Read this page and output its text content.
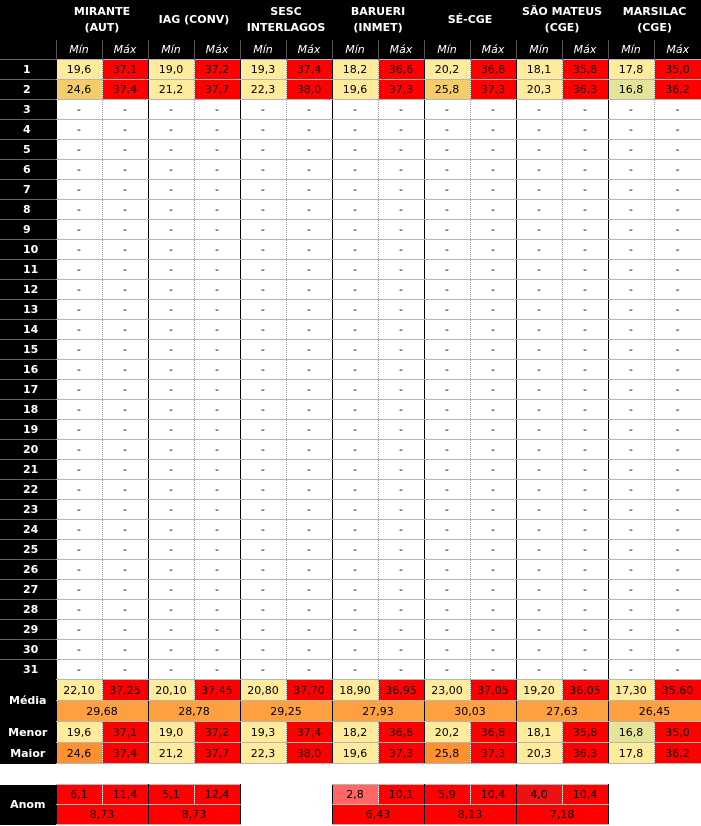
	MIRANTE (AUT)		IAG (CONV)		SESC INTERLAGOS		BARUERI (INMET)		SÉ-CGE		SÃO MATEUS (CGE)		MARSILAC (CGE)	
	Mín	Máx	Mín	Máx	Mín	Máx	Mín	Máx	Mín	Máx	Mín	Máx	Mín	Máx
1	19,6	37,1	19,0	37,2	19,3	37,4	18,2	36,6	20,2	36,8	18,1	35,8	17,8	35,0
2	24,6	37,4	21,2	37,7	22,3	38,0	19,6	37,3	25,8	37,3	20,3	36,3	16,8	36,2
3	-	-	-	-	-	-	-	-	-	-	-	-	-	-
4	-	-	-	-	-	-	-	-	-	-	-	-	-	-
5	-	-	-	-	-	-	-	-	-	-	-	-	-	-
6	-	-	-	-	-	-	-	-	-	-	-	-	-	-
7	-	-	-	-	-	-	-	-	-	-	-	-	-	-
8	-	-	-	-	-	-	-	-	-	-	-	-	-	-
9	-	-	-	-	-	-	-	-	-	-	-	-	-	-
10	-	-	-	-	-	-	-	-	-	-	-	-	-	-
11	-	-	-	-	-	-	-	-	-	-	-	-	-	-
12	-	-	-	-	-	-	-	-	-	-	-	-	-	-
13	-	-	-	-	-	-	-	-	-	-	-	-	-	-
14	-	-	-	-	-	-	-	-	-	-	-	-	-	-
15	-	-	-	-	-	-	-	-	-	-	-	-	-	-
16	-	-	-	-	-	-	-	-	-	-	-	-	-	-
17	-	-	-	-	-	-	-	-	-	-	-	-	-	-
18	-	-	-	-	-	-	-	-	-	-	-	-	-	-
19	-	-	-	-	-	-	-	-	-	-	-	-	-	-
20	-	-	-	-	-	-	-	-	-	-	-	-	-	-
21	-	-	-	-	-	-	-	-	-	-	-	-	-	-
22	-	-	-	-	-	-	-	-	-	-	-	-	-	-
23	-	-	-	-	-	-	-	-	-	-	-	-	-	-
24	-	-	-	-	-	-	-	-	-	-	-	-	-	-
25	-	-	-	-	-	-	-	-	-	-	-	-	-	-
26	-	-	-	-	-	-	-	-	-	-	-	-	-	-
27	-	-	-	-	-	-	-	-	-	-	-	-	-	-
28	-	-	-	-	-	-	-	-	-	-	-	-	-	-
29	-	-	-	-	-	-	-	-	-	-	-	-	-	-
30	-	-	-	-	-	-	-	-	-	-	-	-	-	-
31	-	-	-	-	-	-	-	-	-	-	-	-	-	-
Média	22,10	37,25	20,10	37,45	20,80	37,70	18,90	36,95	23,00	37,05	19,20	36,05	17,30	35,60
	29,68		28,78		29,25		27,93		30,03		27,63		26,45	
Menor	19,6	37,1	19,0	37,2	19,3	37,4	18,2	36,6	20,2	36,8	18,1	35,8	16,8	35,0
Maior	24,6	37,4	21,2	37,7	22,3	38,0	19,6	37,3	25,8	37,3	20,3	36,3	17,8	36,2
Anom	6,1	11,4	5,1	12,4			2,8	10,1	5,9	10,4	4,0	10,4		
	8,73		8,73				6,43		8,13		7,18			
